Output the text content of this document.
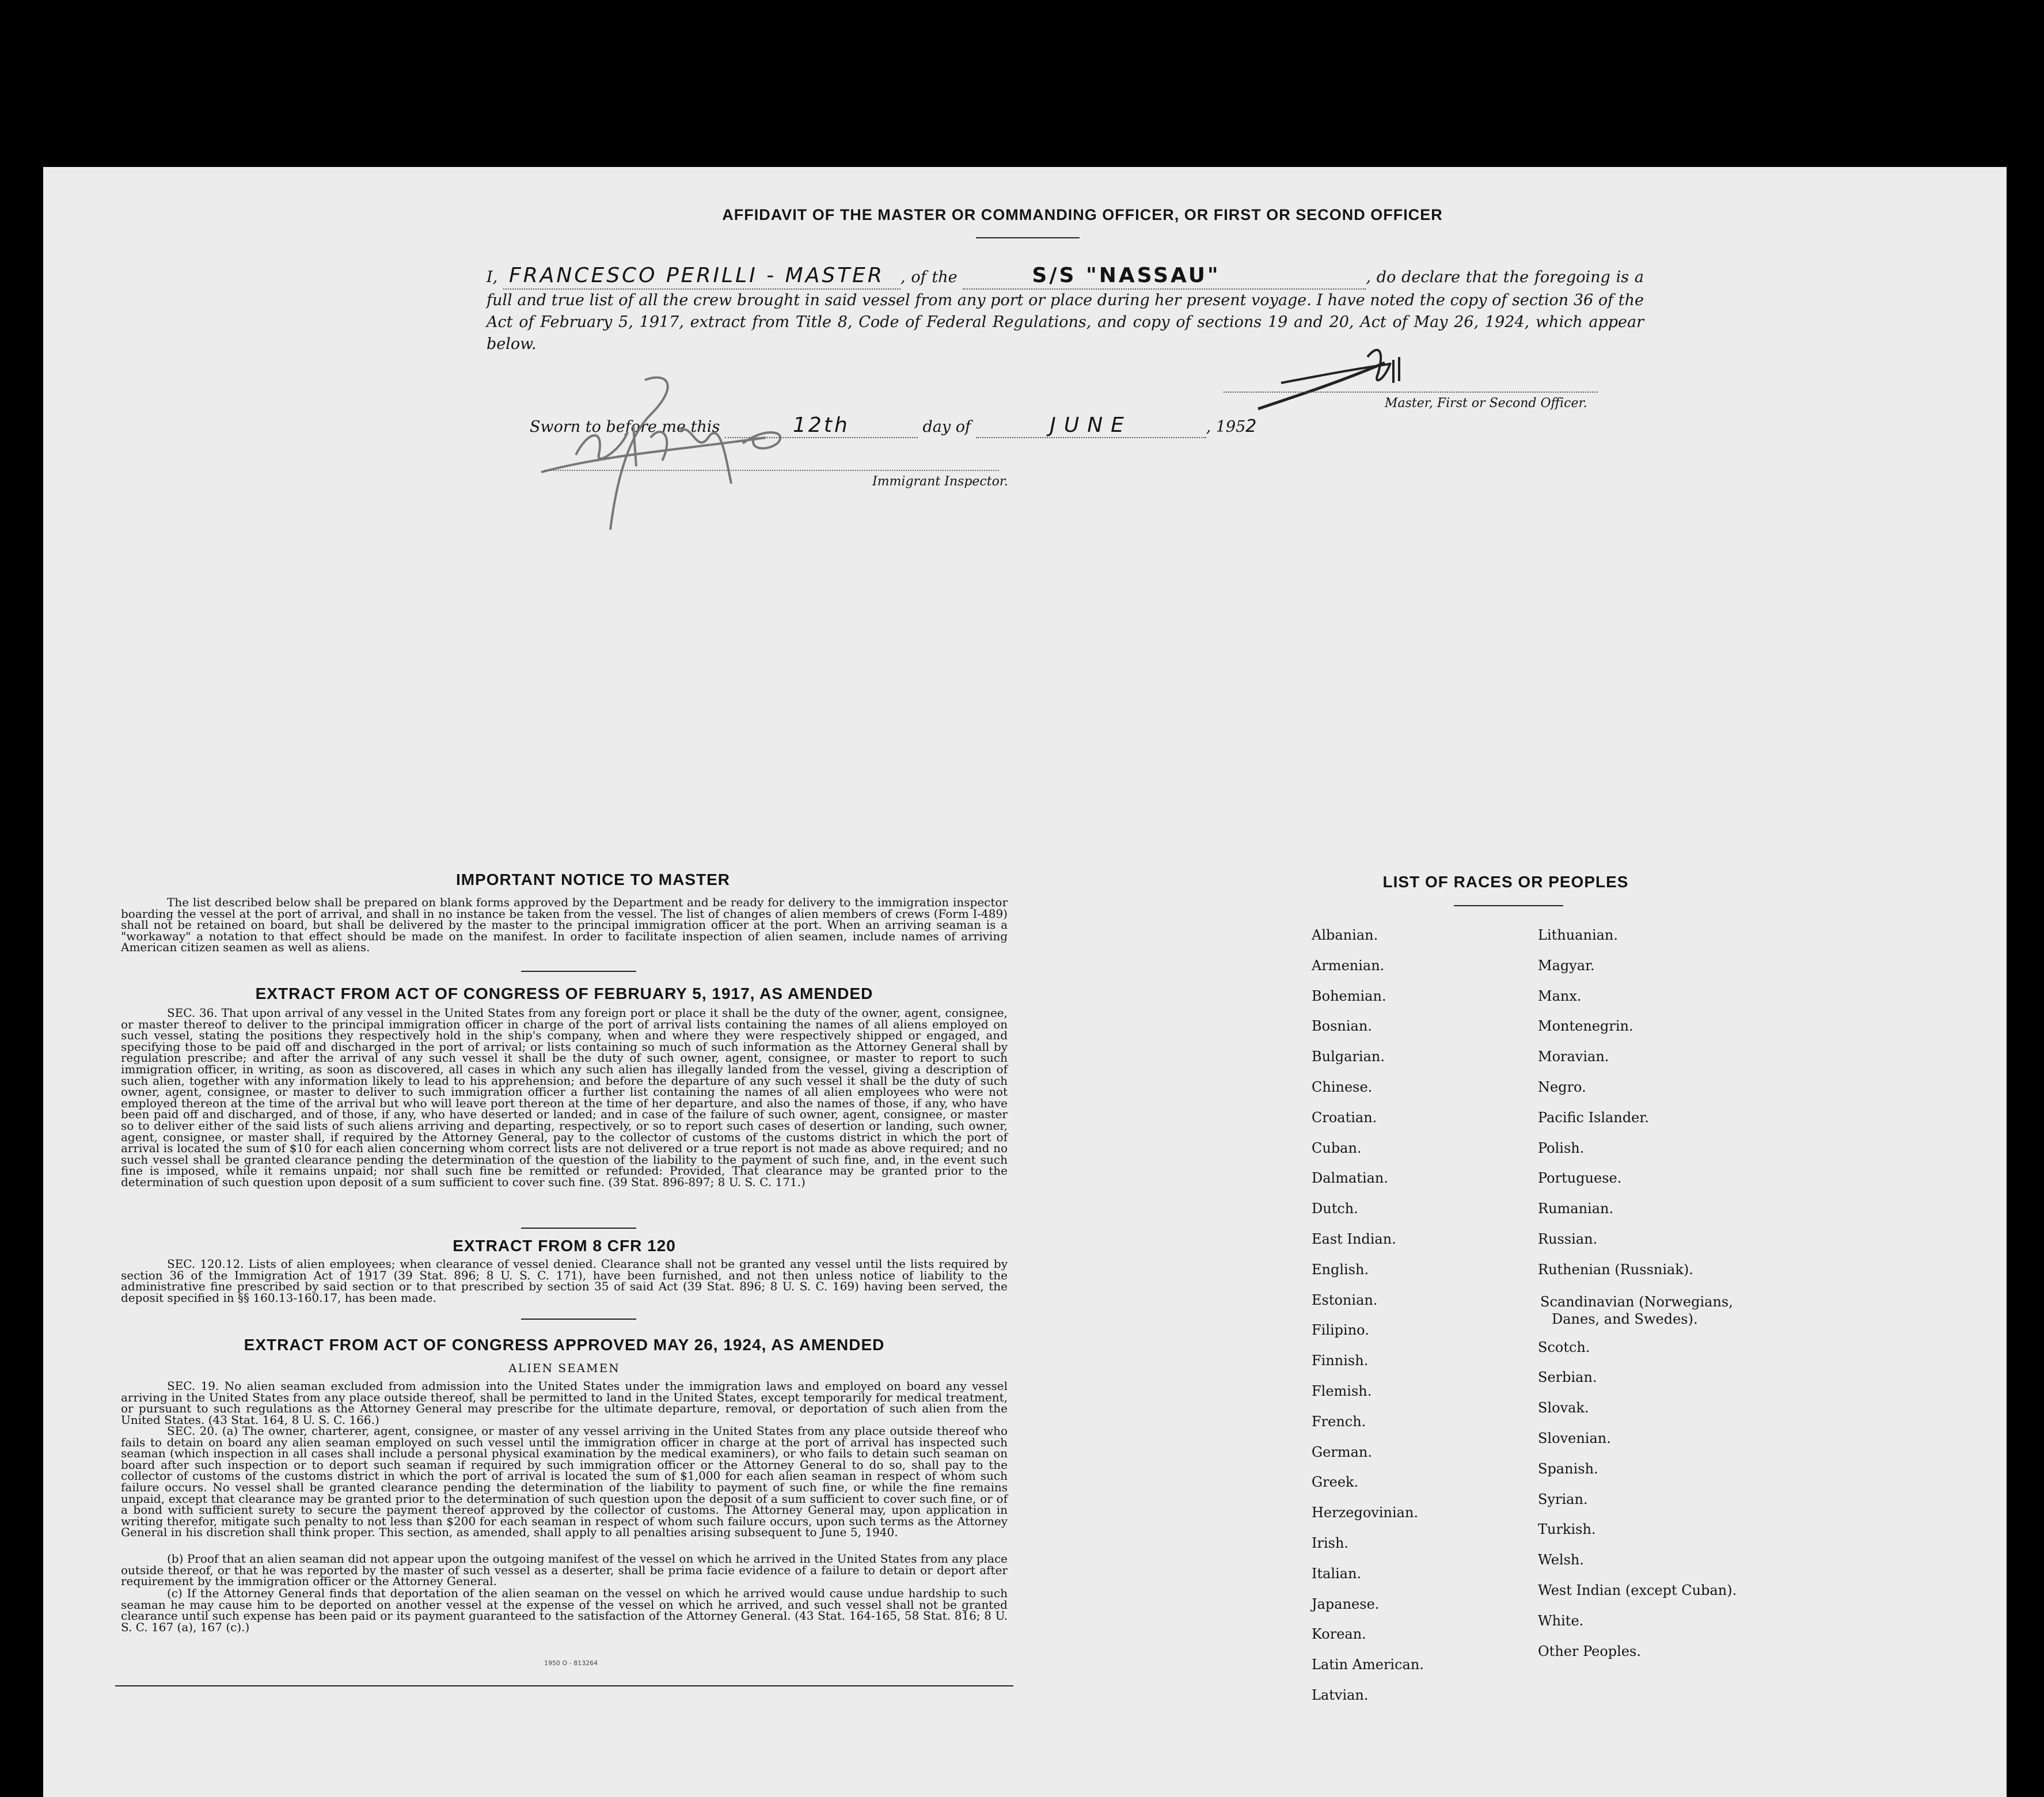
AFFIDAVIT OF THE MASTER OR COMMANDING OFFICER, OR FIRST OR SECOND OFFICER
I, FRANCESCO PERILLI - MASTER , of the	S/S "NASSAU"	, do declare that the foregoing is a full and true list of all the crew brought in said vessel from any port or place during her present voyage. I have noted the copy of section 36 of the Act of February 5, 1917, extract from Title 8, Code of Federal Regulations, and copy of sections 19 and 20, Act of May 26, 1924, which appear below.
Master, First or Second Officer.
Sworn to before me this	12th	day of	JUNE	, 1952
Immigrant Inspector.
IMPORTANT NOTICE TO MASTER
The list described below shall be prepared on blank forms approved by the Department and be ready for delivery to the immigration inspector boarding the vessel at the port of arrival, and shall in no instance be taken from the vessel. The list of changes of alien members of crews (Form I-489) shall not be retained on board, but shall be delivered by the master to the principal immigration officer at the port. When an arriving seaman is a "workaway" a notation to that effect should be made on the manifest. In order to facilitate inspection of alien seamen, include names of arriving American citizen seamen as well as aliens.
EXTRACT FROM ACT OF CONGRESS OF FEBRUARY 5, 1917, AS AMENDED
SEC. 36. That upon arrival of any vessel in the United States from any foreign port or place it shall be the duty of the owner, agent, consignee, or master thereof to deliver to the principal immigration officer in charge of the port of arrival lists containing the names of all aliens employed on such vessel, stating the positions they respectively hold in the ship's company, when and where they were respectively shipped or engaged, and specifying those to be paid off and discharged in the port of arrival; or lists containing so much of such information as the Attorney General shall by regulation prescribe; and after the arrival of any such vessel it shall be the duty of such owner, agent, consignee, or master to report to such immigration officer, in writing, as soon as discovered, all cases in which any such alien has illegally landed from the vessel, giving a description of such alien, together with any information likely to lead to his apprehension; and before the departure of any such vessel it shall be the duty of such owner, agent, consignee, or master to deliver to such immigration officer a further list containing the names of all alien employees who were not employed thereon at the time of the arrival but who will leave port thereon at the time of her departure, and also the names of those, if any, who have been paid off and discharged, and of those, if any, who have deserted or landed; and in case of the failure of such owner, agent, consignee, or master so to deliver either of the said lists of such aliens arriving and departing, respectively, or so to report such cases of desertion or landing, such owner, agent, consignee, or master shall, if required by the Attorney General, pay to the collector of customs of the customs district in which the port of arrival is located the sum of $10 for each alien concerning whom correct lists are not delivered or a true report is not made as above required; and no such vessel shall be granted clearance pending the determination of the question of the liability to the payment of such fine, and, in the event such fine is imposed, while it remains unpaid; nor shall such fine be remitted or refunded: Provided, That clearance may be granted prior to the determination of such question upon deposit of a sum sufficient to cover such fine. (39 Stat. 896-897; 8 U. S. C. 171.)
EXTRACT FROM 8 CFR 120
SEC. 120.12. Lists of alien employees; when clearance of vessel denied. Clearance shall not be granted any vessel until the lists required by section 36 of the Immigration Act of 1917 (39 Stat. 896; 8 U. S. C. 171), have been furnished, and not then unless notice of liability to the administrative fine prescribed by said section or to that prescribed by section 35 of said Act (39 Stat. 896; 8 U. S. C. 169) having been served, the deposit specified in §§ 160.13-160.17, has been made.
EXTRACT FROM ACT OF CONGRESS APPROVED MAY 26, 1924, AS AMENDED
ALIEN SEAMEN
SEC. 19. No alien seaman excluded from admission into the United States under the immigration laws and employed on board any vessel arriving in the United States from any place outside thereof, shall be permitted to land in the United States, except temporarily for medical treatment, or pursuant to such regulations as the Attorney General may prescribe for the ultimate departure, removal, or deportation of such alien from the United States. (43 Stat. 164, 8 U. S. C. 166.)
SEC. 20. (a) The owner, charterer, agent, consignee, or master of any vessel arriving in the United States from any place outside thereof who fails to detain on board any alien seaman employed on such vessel until the immigration officer in charge at the port of arrival has inspected such seaman (which inspection in all cases shall include a personal physical examination by the medical examiners), or who fails to detain such seaman on board after such inspection or to deport such seaman if required by such immigration officer or the Attorney General to do so, shall pay to the collector of customs of the customs district in which the port of arrival is located the sum of $1,000 for each alien seaman in respect of whom such failure occurs. No vessel shall be granted clearance pending the determination of the liability to payment of such fine, or while the fine remains unpaid, except that clearance may be granted prior to the determination of such question upon the deposit of a sum sufficient to cover such fine, or of a bond with sufficient surety to secure the payment thereof approved by the collector of customs. The Attorney General may, upon application in writing therefor, mitigate such penalty to not less than $200 for each seaman in respect of whom such failure occurs, upon such terms as the Attorney General in his discretion shall think proper. This section, as amended, shall apply to all penalties arising subsequent to June 5, 1940.
(b) Proof that an alien seaman did not appear upon the outgoing manifest of the vessel on which he arrived in the United States from any place outside thereof, or that he was reported by the master of such vessel as a deserter, shall be prima facie evidence of a failure to detain or deport after requirement by the immigration officer or the Attorney General.
(c) If the Attorney General finds that deportation of the alien seaman on the vessel on which he arrived would cause undue hardship to such seaman he may cause him to be deported on another vessel at the expense of the vessel on which he arrived, and such vessel shall not be granted clearance until such expense has been paid or its payment guaranteed to the satisfaction of the Attorney General. (43 Stat. 164-165, 58 Stat. 816; 8 U. S. C. 167 (a), 167 (c).)
1950 O - 813264
LIST OF RACES OR PEOPLES
Albanian.
Armenian.
Bohemian.
Bosnian.
Bulgarian.
Chinese.
Croatian.
Cuban.
Dalmatian.
Dutch.
East Indian.
English.
Estonian.
Filipino.
Finnish.
Flemish.
French.
German.
Greek.
Herzegovinian.
Irish.
Italian.
Japanese.
Korean.
Latin American.
Latvian.
Lithuanian.
Magyar.
Manx.
Montenegrin.
Moravian.
Negro.
Pacific Islander.
Polish.
Portuguese.
Rumanian.
Russian.
Ruthenian (Russniak).
Scandinavian (Norwegians,
Danes, and Swedes).
Scotch.
Serbian.
Slovak.
Slovenian.
Spanish.
Syrian.
Turkish.
Welsh.
West Indian (except Cuban).
White.
Other Peoples.
